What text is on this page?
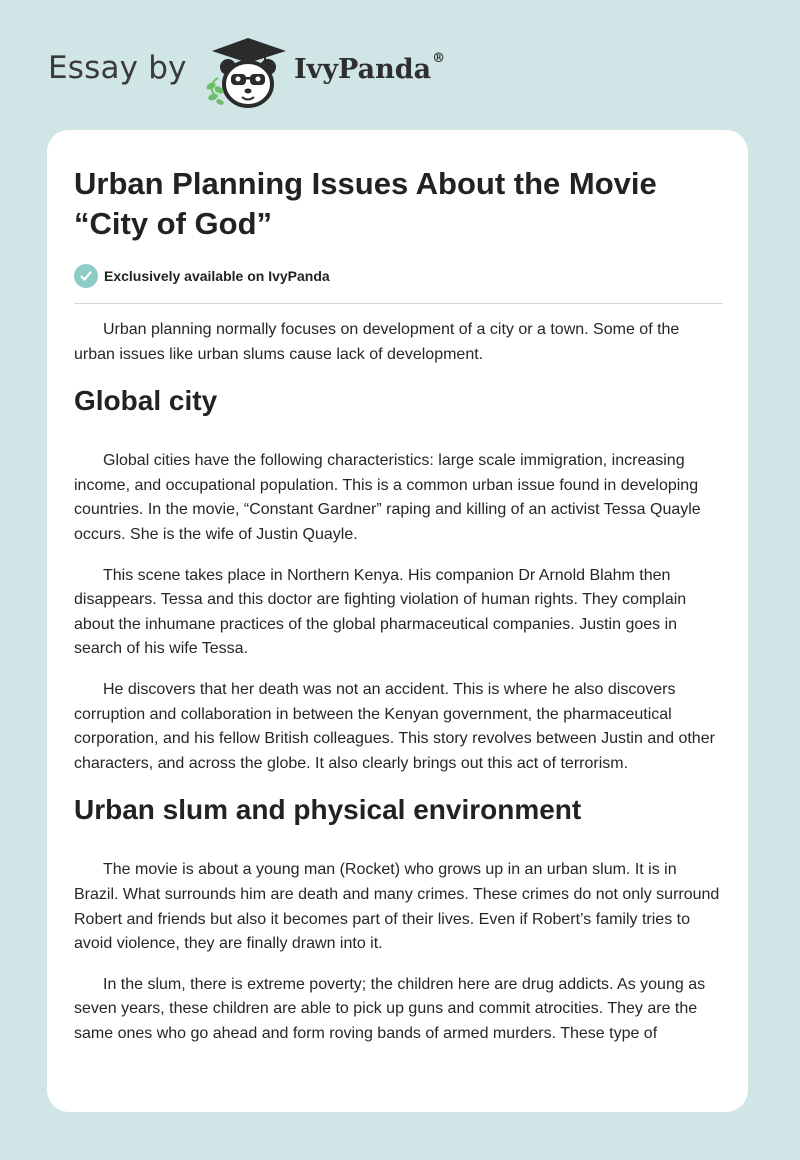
Essay by	IvyPanda®
Urban Planning Issues About the Movie “City of God”
Exclusively available on IvyPanda

Urban planning normally focuses on development of a city or a town. Some of the urban issues like urban slums cause lack of development.

Global city

Global cities have the following characteristics: large scale immigration, increasing income, and occupational population. This is a common urban issue found in developing countries. In the movie, “Constant Gardner” raping and killing of an activist Tessa Quayle occurs. She is the wife of Justin Quayle.

This scene takes place in Northern Kenya. His companion Dr Arnold Blahm then disappears. Tessa and this doctor are fighting violation of human rights. They complain about the inhumane practices of the global pharmaceutical companies. Justin goes in search of his wife Tessa.

He discovers that her death was not an accident. This is where he also discovers corruption and collaboration in between the Kenyan government, the pharmaceutical corporation, and his fellow British colleagues. This story revolves between Justin and other characters, and across the globe. It also clearly brings out this act of terrorism.

Urban slum and physical environment

The movie is about a young man (Rocket) who grows up in an urban slum. It is in Brazil. What surrounds him are death and many crimes. These crimes do not only surround Robert and friends but also it becomes part of their lives. Even if Robert’s family tries to avoid violence, they are finally drawn into it.

In the slum, there is extreme poverty; the children here are drug addicts. As young as seven years, these children are able to pick up guns and commit atrocities. They are the same ones who go ahead and form roving bands of armed murders. These type of
